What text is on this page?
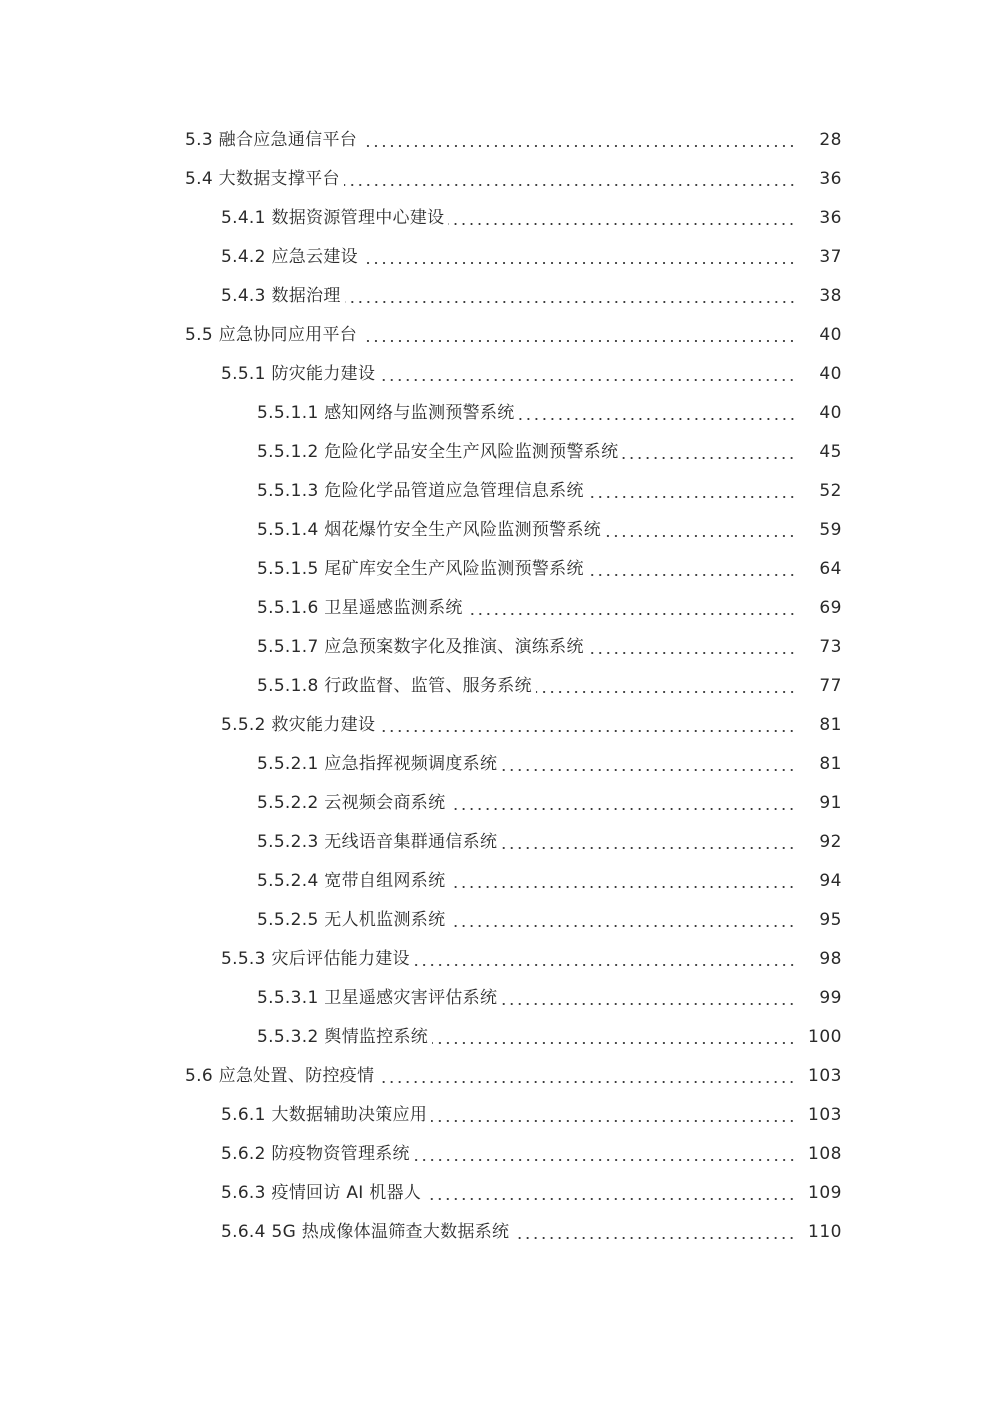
5.3 融合应急通信平台	28
5.4 大数据支撑平台	36
5.4.1 数据资源管理中心建设	36
5.4.2 应急云建设	37
5.4.3 数据治理	38
5.5 应急协同应用平台	40
5.5.1 防灾能力建设	40
5.5.1.1 感知网络与监测预警系统	40
5.5.1.2 危险化学品安全生产风险监测预警系统	45
5.5.1.3 危险化学品管道应急管理信息系统	52
5.5.1.4 烟花爆竹安全生产风险监测预警系统	59
5.5.1.5 尾矿库安全生产风险监测预警系统	64
5.5.1.6 卫星遥感监测系统	69
5.5.1.7 应急预案数字化及推演、演练系统	73
5.5.1.8 行政监督、监管、服务系统	77
5.5.2 救灾能力建设	81
5.5.2.1 应急指挥视频调度系统	81
5.5.2.2 云视频会商系统	91
5.5.2.3 无线语音集群通信系统	92
5.5.2.4 宽带自组网系统	94
5.5.2.5 无人机监测系统	95
5.5.3 灾后评估能力建设	98
5.5.3.1 卫星遥感灾害评估系统	99
5.5.3.2 舆情监控系统	100
5.6 应急处置、防控疫情	103
5.6.1 大数据辅助决策应用	103
5.6.2 防疫物资管理系统	108
5.6.3 疫情回访 AI 机器人	109
5.6.4 5G 热成像体温筛查大数据系统	110
